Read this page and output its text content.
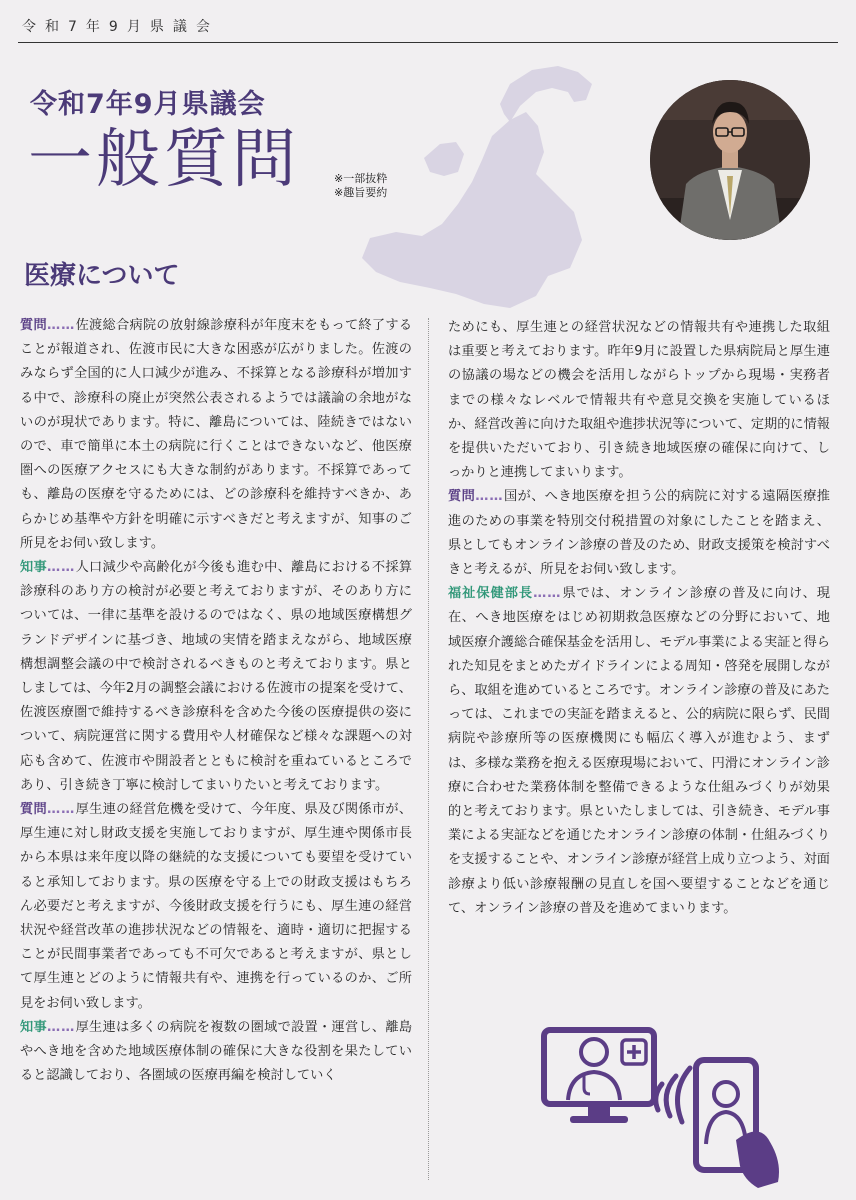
令和7年9月県議会
令和7年9月県議会
一般質問	※一部抜粋
※趣旨要約
医療について

質問……佐渡総合病院の放射線診療科が年度末をもって終了することが報道され、佐渡市民に大きな困惑が広がりました。佐渡のみならず全国的に人口減少が進み、不採算となる診療科が増加する中で、診療科の廃止が突然公表されるようでは議論の余地がないのが現状であります。特に、離島については、陸続きではないので、車で簡単に本土の病院に行くことはできないなど、他医療圏への医療アクセスにも大きな制約があります。不採算であっても、離島の医療を守るためには、どの診療科を維持すべきか、あらかじめ基準や方針を明確に示すべきだと考えますが、知事のご所見をお伺い致します。

知事……人口減少や高齢化が今後も進む中、離島における不採算診療科のあり方の検討が必要と考えておりますが、そのあり方については、一律に基準を設けるのではなく、県の地域医療構想グランドデザインに基づき、地域の実情を踏まえながら、地域医療構想調整会議の中で検討されるべきものと考えております。県としましては、今年2月の調整会議における佐渡市の提案を受けて、佐渡医療圏で維持するべき診療科を含めた今後の医療提供の姿について、病院運営に関する費用や人材確保など様々な課題への対応も含めて、佐渡市や開設者とともに検討を重ねているところであり、引き続き丁寧に検討してまいりたいと考えております。

質問……厚生連の経営危機を受けて、今年度、県及び関係市が、厚生連に対し財政支援を実施しておりますが、厚生連や関係市長から本県は来年度以降の継続的な支援についても要望を受けていると承知しております。県の医療を守る上での財政支援はもちろん必要だと考えますが、今後財政支援を行うにも、厚生連の経営状況や経営改革の進捗状況などの情報を、適時・適切に把握することが民間事業者であっても不可欠であると考えますが、県として厚生連とどのように情報共有や、連携を行っているのか、ご所見をお伺い致します。

知事……厚生連は多くの病院を複数の圏域で設置・運営し、離島やへき地を含めた地域医療体制の確保に大きな役割を果たしていると認識しており、各圏域の医療再編を検討していく

ためにも、厚生連との経営状況などの情報共有や連携した取組は重要と考えております。昨年9月に設置した県病院局と厚生連の協議の場などの機会を活用しながらトップから現場・実務者までの様々なレベルで情報共有や意見交換を実施しているほか、経営改善に向けた取組や進捗状況等について、定期的に情報を提供いただいており、引き続き地域医療の確保に向けて、しっかりと連携してまいります。

質問……国が、へき地医療を担う公的病院に対する遠隔医療推進のための事業を特別交付税措置の対象にしたことを踏まえ、県としてもオンライン診療の普及のため、財政支援策を検討すべきと考えるが、所見をお伺い致します。

福祉保健部長……県では、オンライン診療の普及に向け、現在、へき地医療をはじめ初期救急医療などの分野において、地域医療介護総合確保基金を活用し、モデル事業による実証と得られた知見をまとめたガイドラインによる周知・啓発を展開しながら、取組を進めているところです。オンライン診療の普及にあたっては、これまでの実証を踏まえると、公的病院に限らず、民間病院や診療所等の医療機関にも幅広く導入が進むよう、まずは、多様な業務を抱える医療現場において、円滑にオンライン診療に合わせた業務体制を整備できるような仕組みづくりが効果的と考えております。県といたしましては、引き続き、モデル事業による実証などを通じたオンライン診療の体制・仕組みづくりを支援することや、オンライン診療が経営上成り立つよう、対面診療より低い診療報酬の見直しを国へ要望することなどを通じて、オンライン診療の普及を進めてまいります。
